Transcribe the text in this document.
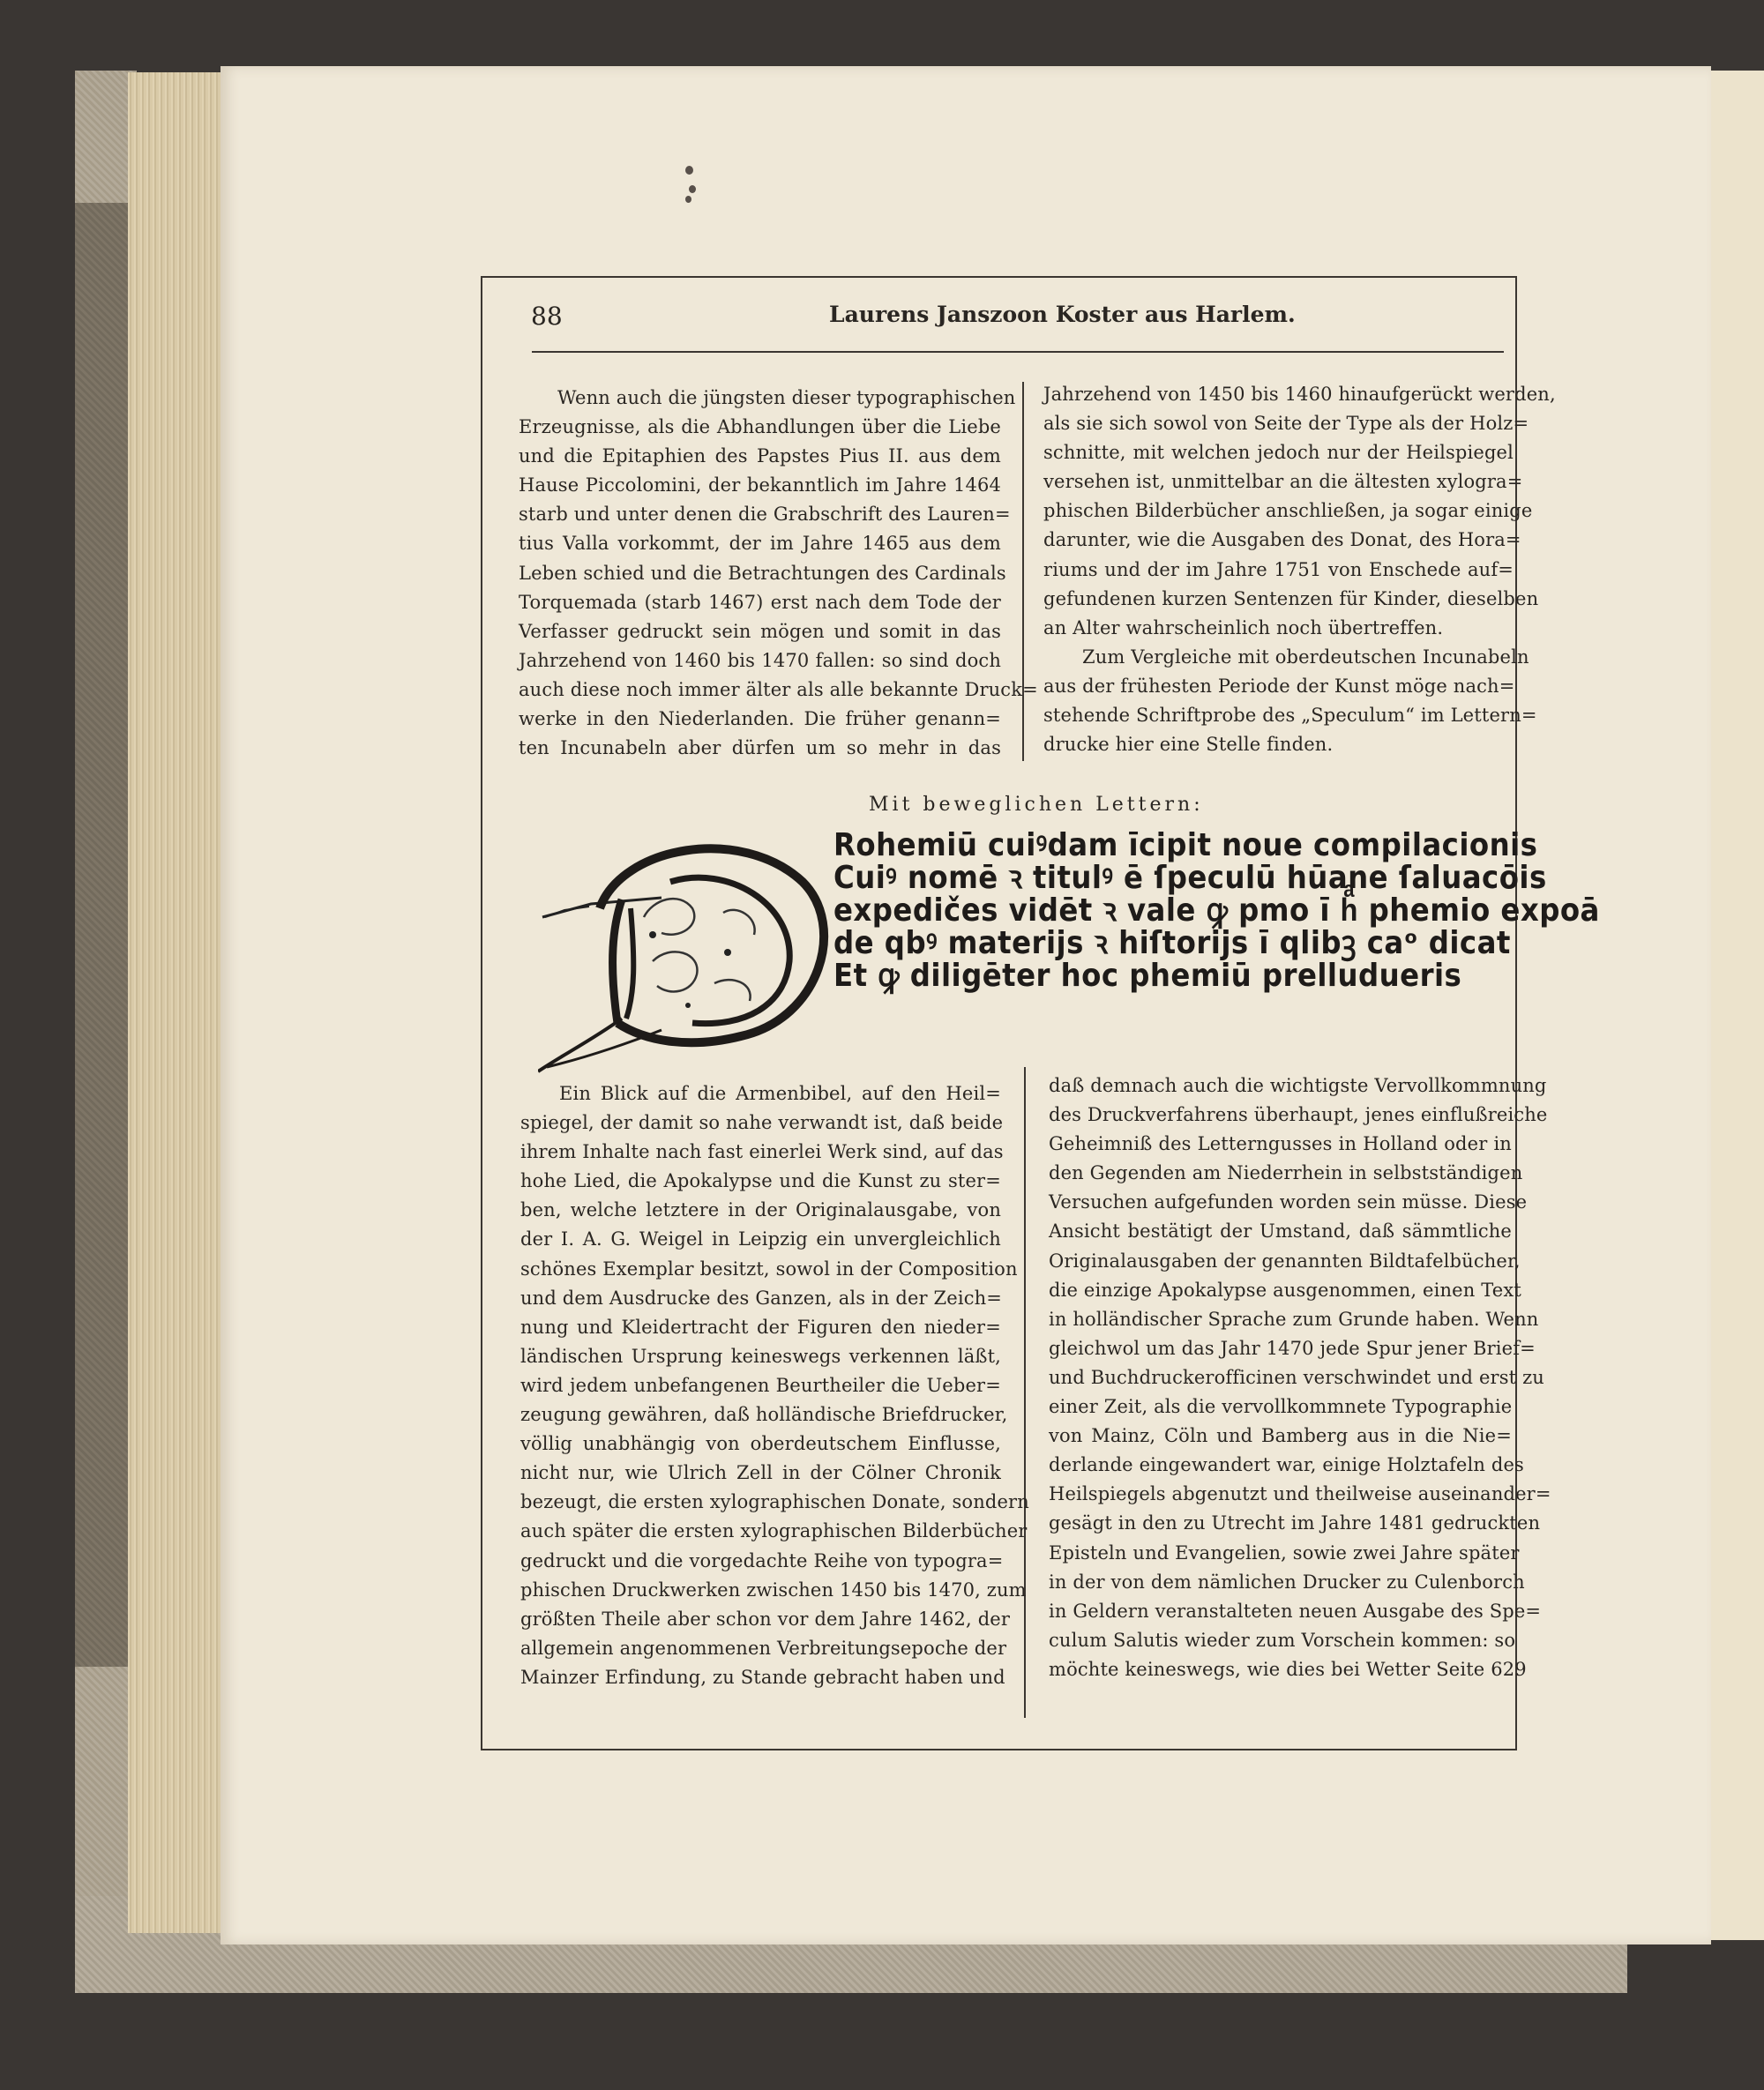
88	Laurens Janszoon Koster aus Harlem.

Wenn auch die jüngsten dieser typographischen

Erzeugnisse, als die Abhandlungen über die Liebe

und die Epitaphien des Papstes Pius II. aus dem

Hause Piccolomini, der bekanntlich im Jahre 1464

starb und unter denen die Grabschrift des Lauren=

tius Valla vorkommt, der im Jahre 1465 aus dem

Leben schied und die Betrachtungen des Cardinals

Torquemada (starb 1467) erst nach dem Tode der

Verfasser gedruckt sein mögen und somit in das

Jahrzehend von 1460 bis 1470 fallen: so sind doch

auch diese noch immer älter als alle bekannte Druck=

werke in den Niederlanden. Die früher genann=

ten Incunabeln aber dürfen um so mehr in das

Jahrzehend von 1450 bis 1460 hinaufgerückt werden,

als sie sich sowol von Seite der Type als der Holz=

schnitte, mit welchen jedoch nur der Heilspiegel

versehen ist, unmittelbar an die ältesten xylogra=

phischen Bilderbücher anschließen, ja sogar einige

darunter, wie die Ausgaben des Donat, des Hora=

riums und der im Jahre 1751 von Enschede auf=

gefundenen kurzen Sentenzen für Kinder, dieselben

an Alter wahrscheinlich noch übertreffen.

Zum Vergleiche mit oberdeutschen Incunabeln

aus der frühesten Periode der Kunst möge nach=

stehende Schriftprobe des „Speculum“ im Lettern=

drucke hier eine Stelle finden.

Mit beweglichen Lettern:
Rohemiū cuiꝰdam īcipit noue compilacionis
Cuiꝰ nomē ꝛ titulꝰ ē ſpeculū hūane ſaluacōis
expedičes vidēt ꝛ vale ꝙ pmo ī hͣ phemio expoā
de qbꝰ materijs ꝛ hiſtorijs ī qlibꝫ caᵒ dicat
Et ꝙ diligēter hoc phemiū prelludueris

Ein Blick auf die Armenbibel, auf den Heil=

spiegel, der damit so nahe verwandt ist, daß beide

ihrem Inhalte nach fast einerlei Werk sind, auf das

hohe Lied, die Apokalypse und die Kunst zu ster=

ben, welche letztere in der Originalausgabe, von

der I. A. G. Weigel in Leipzig ein unvergleichlich

schönes Exemplar besitzt, sowol in der Composition

und dem Ausdrucke des Ganzen, als in der Zeich=

nung und Kleidertracht der Figuren den nieder=

ländischen Ursprung keineswegs verkennen läßt,

wird jedem unbefangenen Beurtheiler die Ueber=

zeugung gewähren, daß holländische Briefdrucker,

völlig unabhängig von oberdeutschem Einflusse,

nicht nur, wie Ulrich Zell in der Cölner Chronik

bezeugt, die ersten xylographischen Donate, sondern

auch später die ersten xylographischen Bilderbücher

gedruckt und die vorgedachte Reihe von typogra=

phischen Druckwerken zwischen 1450 bis 1470, zum

größten Theile aber schon vor dem Jahre 1462, der

allgemein angenommenen Verbreitungsepoche der

Mainzer Erfindung, zu Stande gebracht haben und

daß demnach auch die wichtigste Vervollkommnung

des Druckverfahrens überhaupt, jenes einflußreiche

Geheimniß des Letterngusses in Holland oder in

den Gegenden am Niederrhein in selbstständigen

Versuchen aufgefunden worden sein müsse. Diese

Ansicht bestätigt der Umstand, daß sämmtliche

Originalausgaben der genannten Bildtafelbücher,

die einzige Apokalypse ausgenommen, einen Text

in holländischer Sprache zum Grunde haben. Wenn

gleichwol um das Jahr 1470 jede Spur jener Brief=

und Buchdruckerofficinen verschwindet und erst zu

einer Zeit, als die vervollkommnete Typographie

von Mainz, Cöln und Bamberg aus in die Nie=

derlande eingewandert war, einige Holztafeln des

Heilspiegels abgenutzt und theilweise auseinander=

gesägt in den zu Utrecht im Jahre 1481 gedruckten

Episteln und Evangelien, sowie zwei Jahre später

in der von dem nämlichen Drucker zu Culenborch

in Geldern veranstalteten neuen Ausgabe des Spe=

culum Salutis wieder zum Vorschein kommen: so

möchte keineswegs, wie dies bei Wetter Seite 629
